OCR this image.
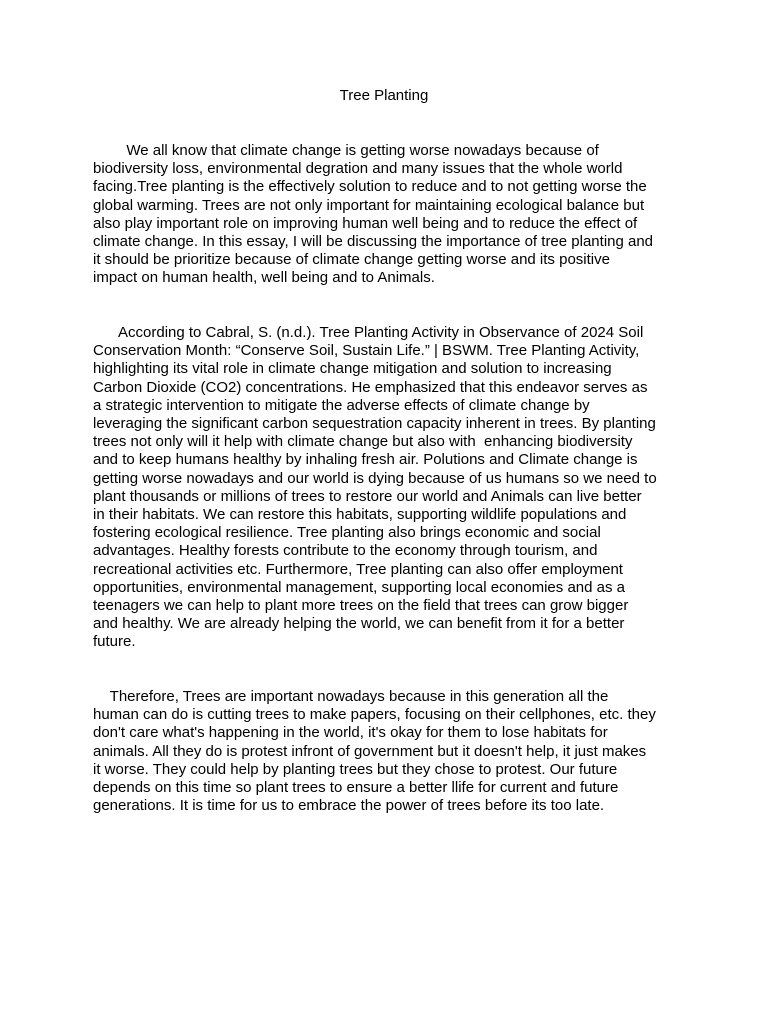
Tree Planting

We all know that climate change is getting worse nowadays because of
biodiversity loss, environmental degration and many issues that the whole world
facing.Tree planting is the effectively solution to reduce and to not getting worse the
global warming. Trees are not only important for maintaining ecological balance but
also play important role on improving human well being and to reduce the effect of
climate change. In this essay, I will be discussing the importance of tree planting and
it should be prioritize because of climate change getting worse and its positive
impact on human health, well being and to Animals.

According to Cabral, S. (n.d.). Tree Planting Activity in Observance of 2024 Soil
Conservation Month: “Conserve Soil, Sustain Life.” | BSWM. Tree Planting Activity,
highlighting its vital role in climate change mitigation and solution to increasing
Carbon Dioxide (CO2) concentrations. He emphasized that this endeavor serves as
a strategic intervention to mitigate the adverse effects of climate change by
leveraging the significant carbon sequestration capacity inherent in trees. By planting
trees not only will it help with climate change but also with  enhancing biodiversity
and to keep humans healthy by inhaling fresh air. Polutions and Climate change is
getting worse nowadays and our world is dying because of us humans so we need to
plant thousands or millions of trees to restore our world and Animals can live better
in their habitats. We can restore this habitats, supporting wildlife populations and
fostering ecological resilience. Tree planting also brings economic and social
advantages. Healthy forests contribute to the economy through tourism, and
recreational activities etc. Furthermore, Tree planting can also offer employment
opportunities, environmental management, supporting local economies and as a
teenagers we can help to plant more trees on the field that trees can grow bigger
and healthy. We are already helping the world, we can benefit from it for a better
future.

Therefore, Trees are important nowadays because in this generation all the
human can do is cutting trees to make papers, focusing on their cellphones, etc. they
don't care what's happening in the world, it's okay for them to lose habitats for
animals. All they do is protest infront of government but it doesn't help, it just makes
it worse. They could help by planting trees but they chose to protest. Our future
depends on this time so plant trees to ensure a better llife for current and future
generations. It is time for us to embrace the power of trees before its too late.
